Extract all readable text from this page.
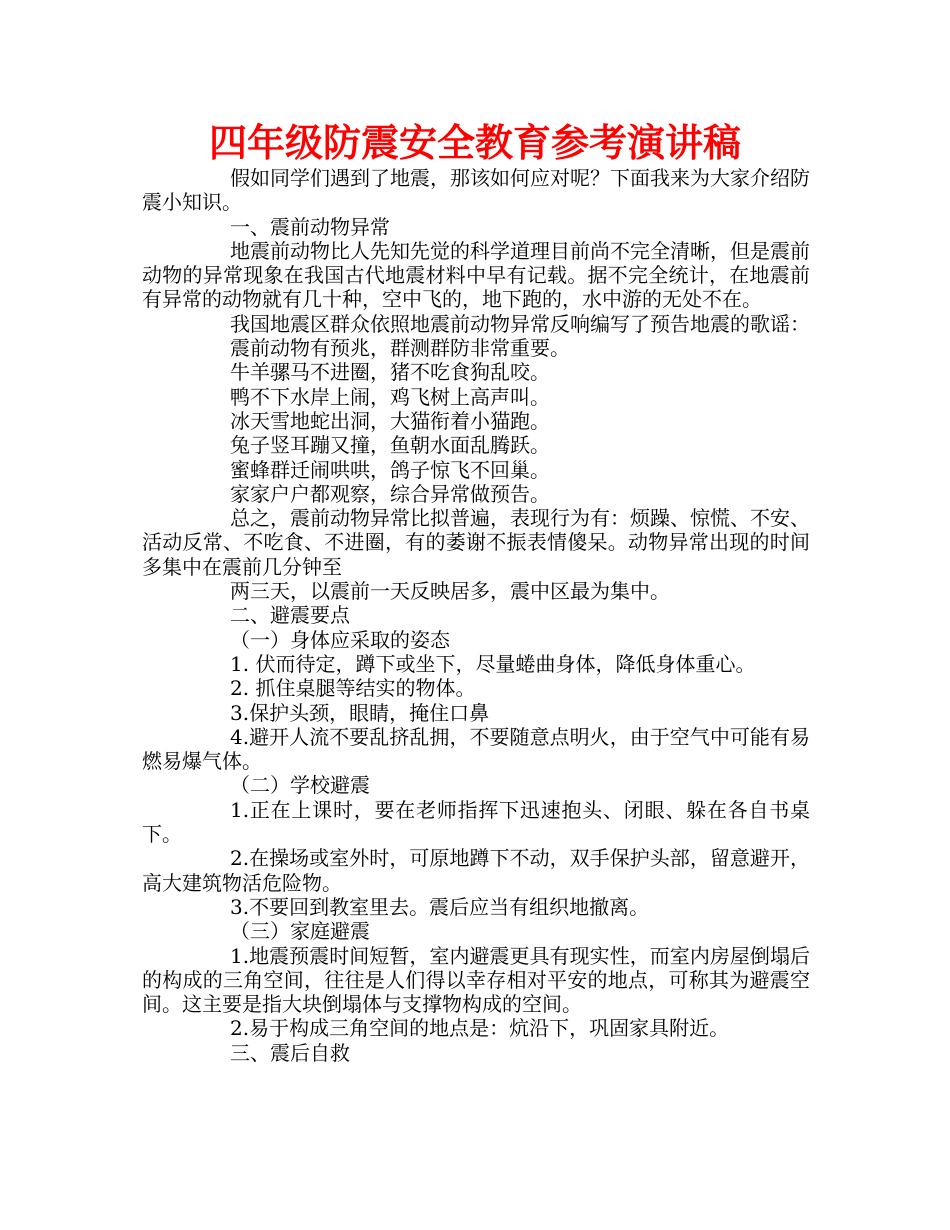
四年级防震安全教育参考演讲稿

假如同学们遇到了地震，那该如何应对呢？下面我来为大家介绍防震小知识。

一、震前动物异常

地震前动物比人先知先觉的科学道理目前尚不完全清晰，但是震前动物的异常现象在我国古代地震材料中早有记载。据不完全统计，在地震前有异常的动物就有几十种，空中飞的，地下跑的，水中游的无处不在。

我国地震区群众依照地震前动物异常反响编写了预告地震的歌谣：

震前动物有预兆，群测群防非常重要。

牛羊骡马不进圈，猪不吃食狗乱咬。

鸭不下水岸上闹，鸡飞树上高声叫。

冰天雪地蛇出洞，大猫衔着小猫跑。

兔子竖耳蹦又撞，鱼朝水面乱腾跃。

蜜蜂群迁闹哄哄，鸽子惊飞不回巢。

家家户户都观察，综合异常做预告。

总之，震前动物异常比拟普遍，表现行为有：烦躁、惊慌、不安、活动反常、不吃食、不进圈，有的萎谢不振表情傻呆。动物异常出现的时间多集中在震前几分钟至

两三天，以震前一天反映居多，震中区最为集中。

二、避震要点

（一）身体应采取的姿态

1. 伏而待定，蹲下或坐下，尽量蜷曲身体，降低身体重心。

2. 抓住桌腿等结实的物体。

3.保护头颈，眼睛，掩住口鼻

4.避开人流不要乱挤乱拥，不要随意点明火，由于空气中可能有易燃易爆气体。

（二）学校避震

1.正在上课时，要在老师指挥下迅速抱头、闭眼、躲在各自书桌下。

2.在操场或室外时，可原地蹲下不动，双手保护头部，留意避开，高大建筑物活危险物。

3.不要回到教室里去。震后应当有组织地撤离。

（三）家庭避震

1.地震预震时间短暂，室内避震更具有现实性，而室内房屋倒塌后的构成的三角空间，往往是人们得以幸存相对平安的地点，可称其为避震空间。这主要是指大块倒塌体与支撑物构成的空间。

2.易于构成三角空间的地点是：炕沿下，巩固家具附近。

三、震后自救
